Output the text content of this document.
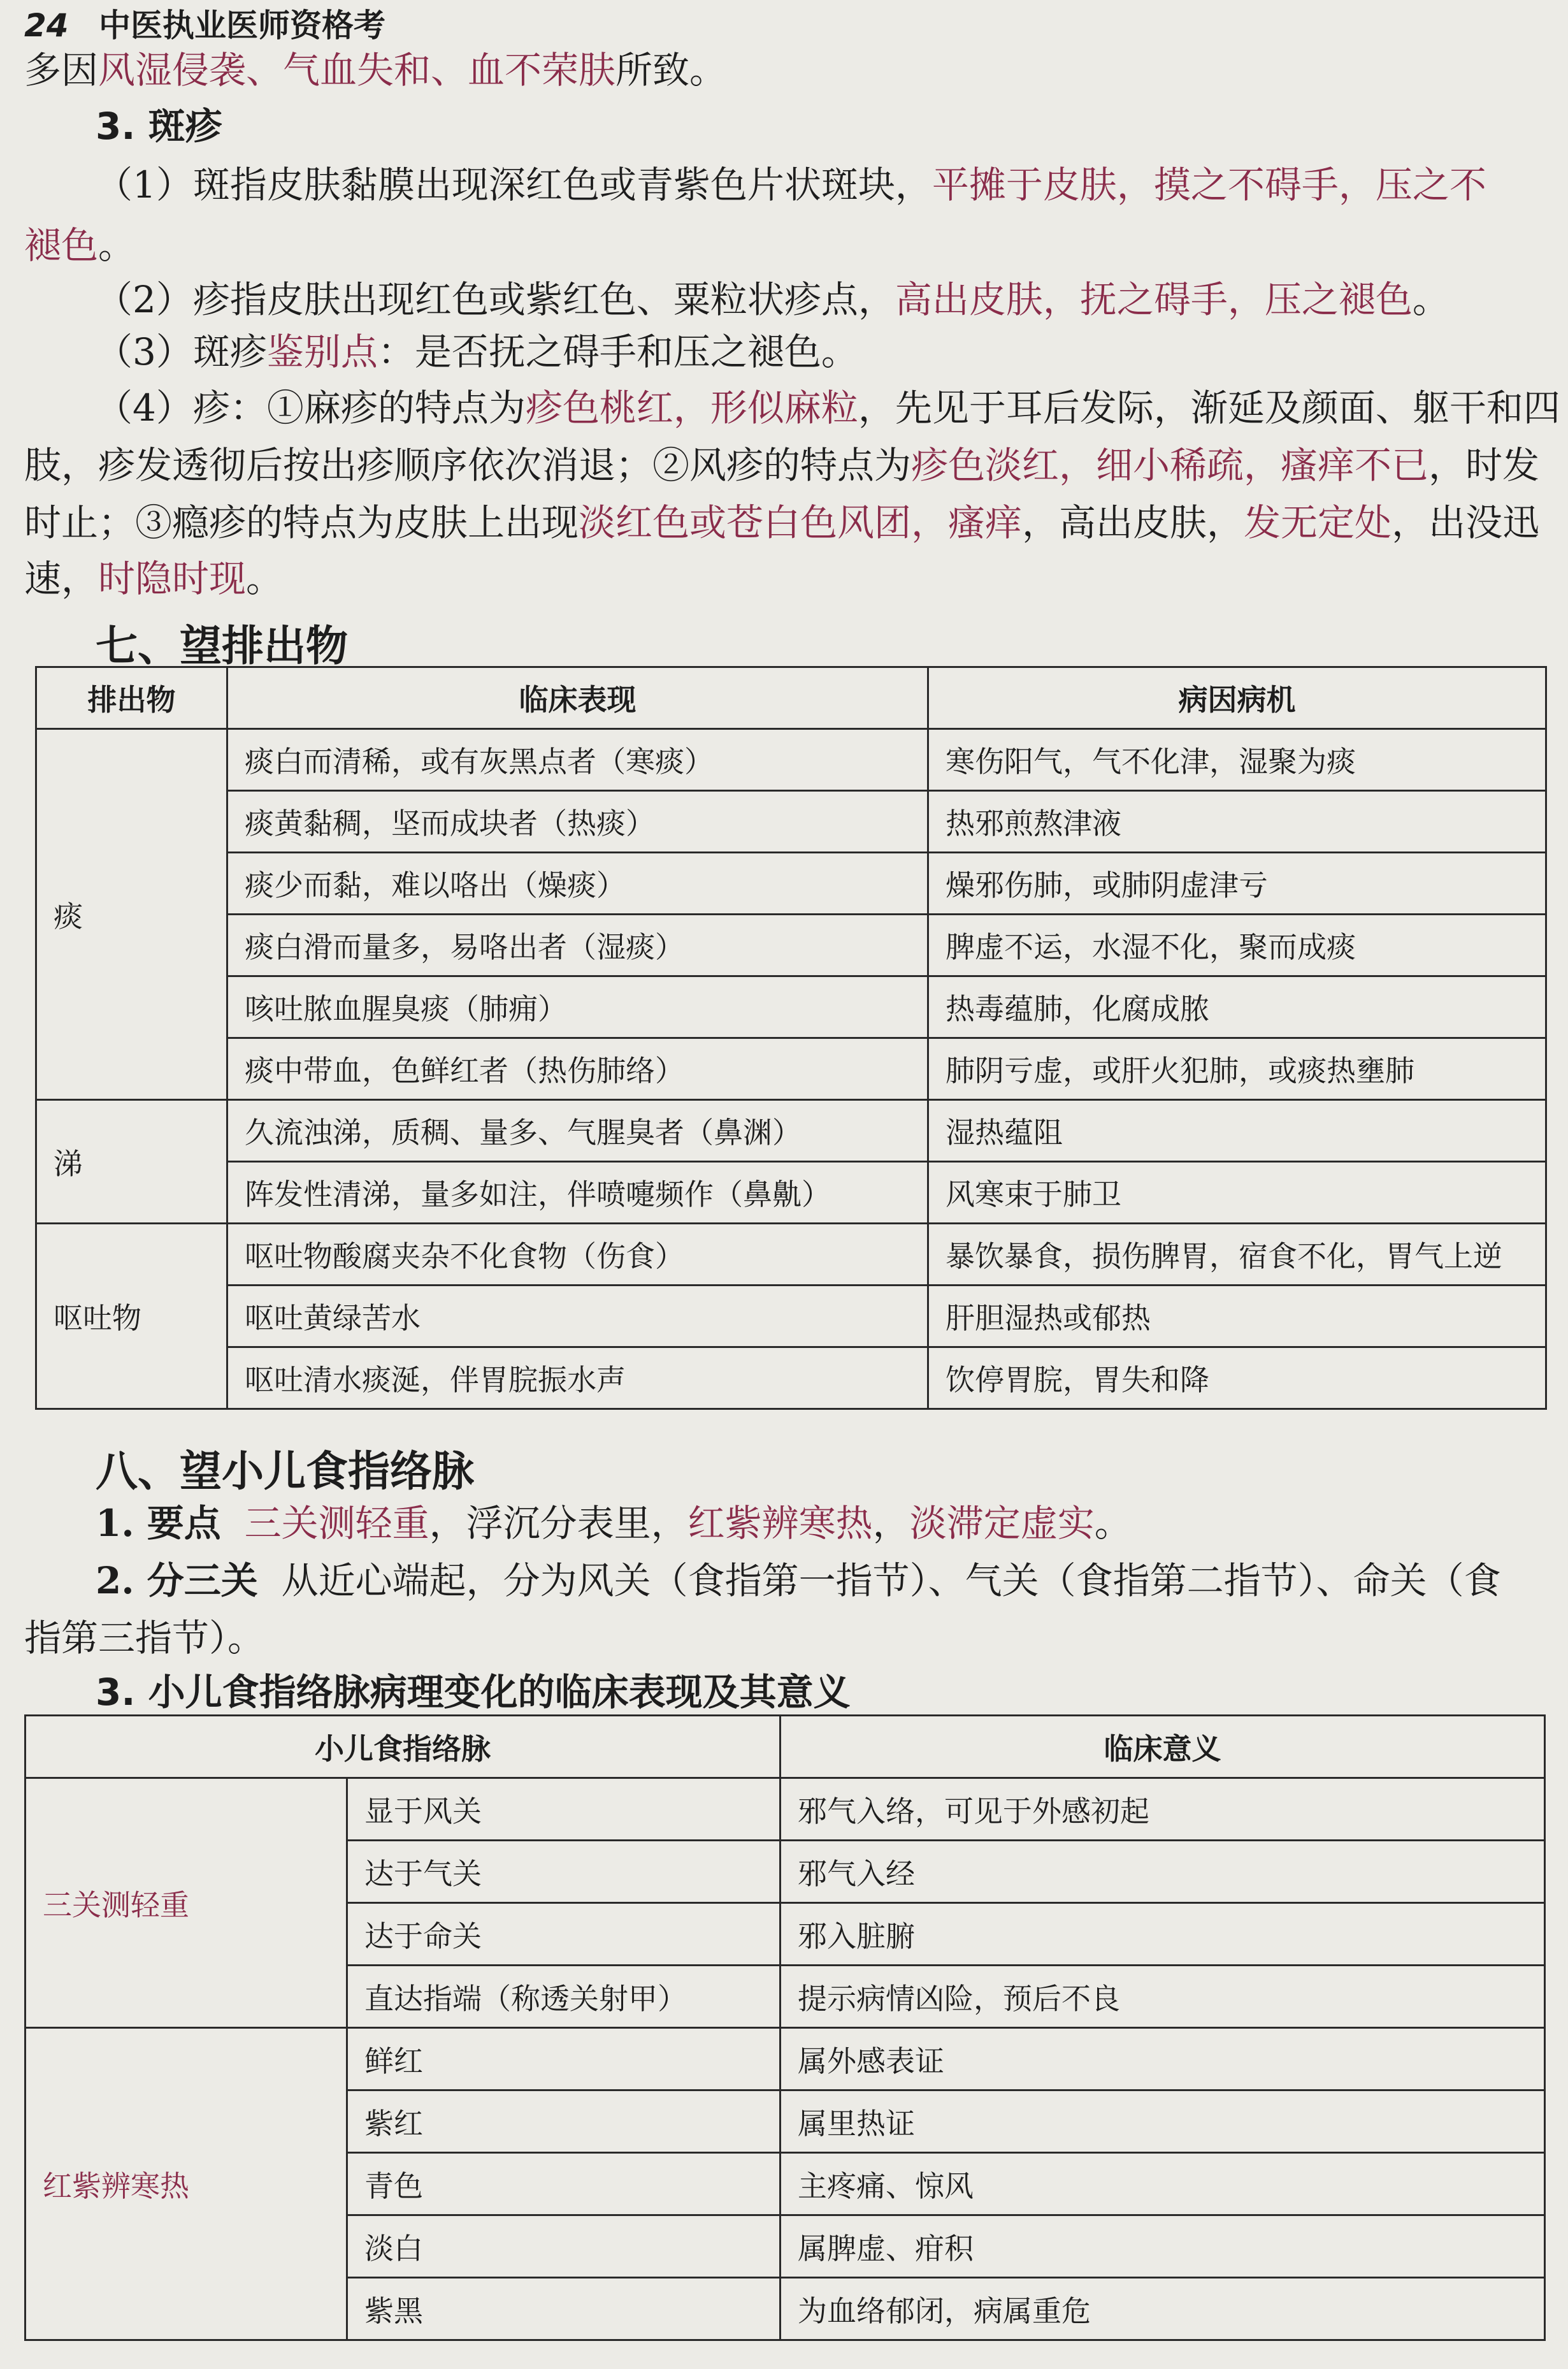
24 中医执业医师资格考
多因风湿侵袭、气血失和、血不荣肤所致。
3. 斑疹
（1）斑指皮肤黏膜出现深红色或青紫色片状斑块，平摊于皮肤，摸之不碍手，压之不
褪色。
（2）疹指皮肤出现红色或紫红色、粟粒状疹点，高出皮肤，抚之碍手，压之褪色。
（3）斑疹鉴别点：是否抚之碍手和压之褪色。
（4）疹：①麻疹的特点为疹色桃红，形似麻粒，先见于耳后发际，渐延及颜面、躯干和四
肢，疹发透彻后按出疹顺序依次消退；②风疹的特点为疹色淡红，细小稀疏，瘙痒不已，时发
时止；③瘾疹的特点为皮肤上出现淡红色或苍白色风团，瘙痒，高出皮肤，发无定处，出没迅
速，时隐时现。
七、望排出物
排出物	临床表现	病因病机
痰	痰白而清稀，或有灰黑点者（寒痰）	寒伤阳气，气不化津，湿聚为痰
	痰黄黏稠，坚而成块者（热痰）	热邪煎熬津液
	痰少而黏，难以咯出（燥痰）	燥邪伤肺，或肺阴虚津亏
	痰白滑而量多，易咯出者（湿痰）	脾虚不运，水湿不化，聚而成痰
	咳吐脓血腥臭痰（肺痈）	热毒蕴肺，化腐成脓
	痰中带血，色鲜红者（热伤肺络）	肺阴亏虚，或肝火犯肺，或痰热壅肺
涕	久流浊涕，质稠、量多、气腥臭者（鼻渊）	湿热蕴阻
	阵发性清涕，量多如注，伴喷嚏频作（鼻鼽）	风寒束于肺卫
呕吐物	呕吐物酸腐夹杂不化食物（伤食）	暴饮暴食，损伤脾胃，宿食不化，胃气上逆
	呕吐黄绿苦水	肝胆湿热或郁热
	呕吐清水痰涎，伴胃脘振水声	饮停胃脘，胃失和降
八、望小儿食指络脉
1. 要点 三关测轻重，浮沉分表里，红紫辨寒热，淡滞定虚实。
2. 分三关 从近心端起，分为风关（食指第一指节）、气关（食指第二指节）、命关（食
指第三指节）。
3. 小儿食指络脉病理变化的临床表现及其意义
小儿食指络脉		临床意义
三关测轻重	显于风关	邪气入络，可见于外感初起
	达于气关	邪气入经
	达于命关	邪入脏腑
	直达指端（称透关射甲）	提示病情凶险，预后不良
红紫辨寒热	鲜红	属外感表证
	紫红	属里热证
	青色	主疼痛、惊风
	淡白	属脾虚、疳积
	紫黑	为血络郁闭，病属重危
